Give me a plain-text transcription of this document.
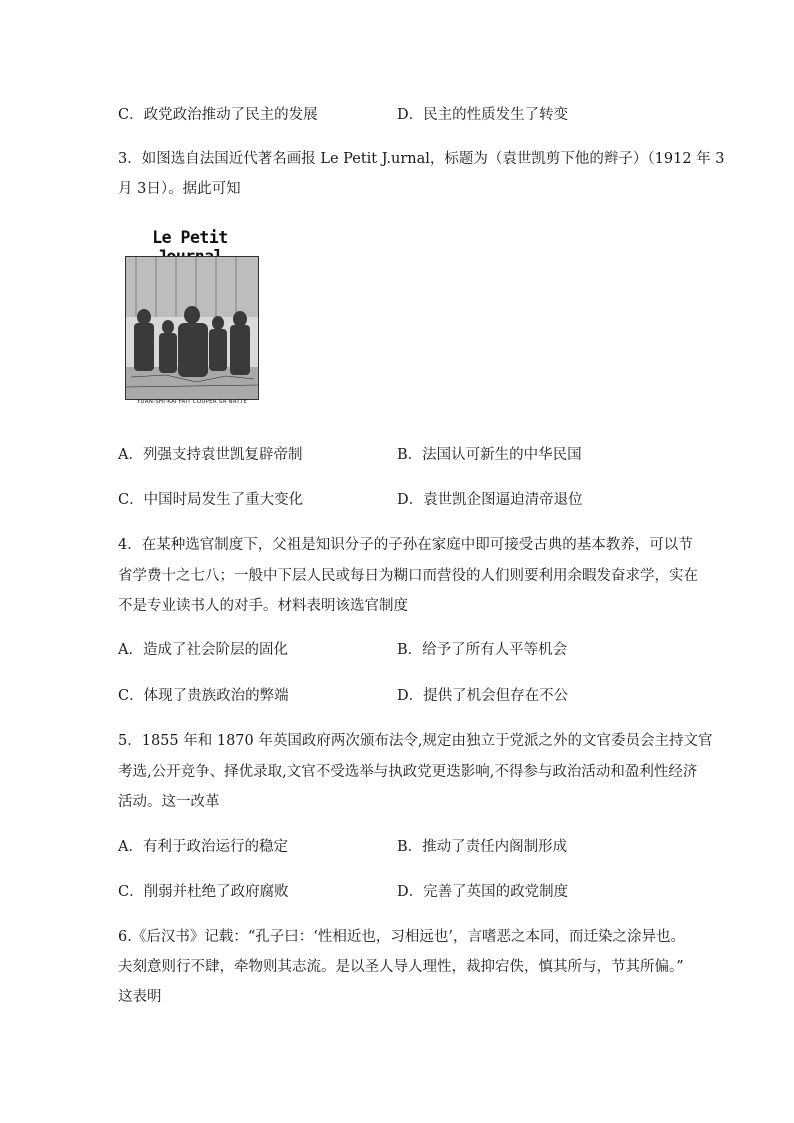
C．政党政治推动了民主的发展	D．民主的性质发生了转变
3．如图选自法国近代著名画报 Le Petit J.urnal，标题为（袁世凯剪下他的辫子）（1912 年 3
月 3日）。据此可知
Le Petit
YUAN-SHI-KAI FAIT COUPER SA NATTE
A．列强支持袁世凯复辟帝制	B．法国认可新生的中华民国
C．中国时局发生了重大变化	D．袁世凯企图逼迫清帝退位
4．在某种选官制度下，父祖是知识分子的子孙在家庭中即可接受古典的基本教养，可以节
省学费十之七八；一般中下层人民或每日为糊口而营役的人们则要利用余暇发奋求学，实在
不是专业读书人的对手。材料表明该选官制度
A．造成了社会阶层的固化	B．给予了所有人平等机会
C．体现了贵族政治的弊端	D．提供了机会但存在不公
5．1855 年和 1870 年英国政府两次颁布法令,规定由独立于党派之外的文官委员会主持文官
考选,公开竞争、择优录取,文官不受选举与执政党更迭影响,不得参与政治活动和盈利性经济
活动。这一改革
A．有利于政治运行的稳定	B．推动了责任内阁制形成
C．削弱并杜绝了政府腐败	D．完善了英国的政党制度
6.《后汉书》记载：“孔子曰：‘性相近也，习相远也’，言嗜恶之本同，而迁染之涂异也。
夫刻意则行不肆，牵物则其志流。是以圣人导人理性，裁抑宕佚，慎其所与，节其所偏。”
这表明
